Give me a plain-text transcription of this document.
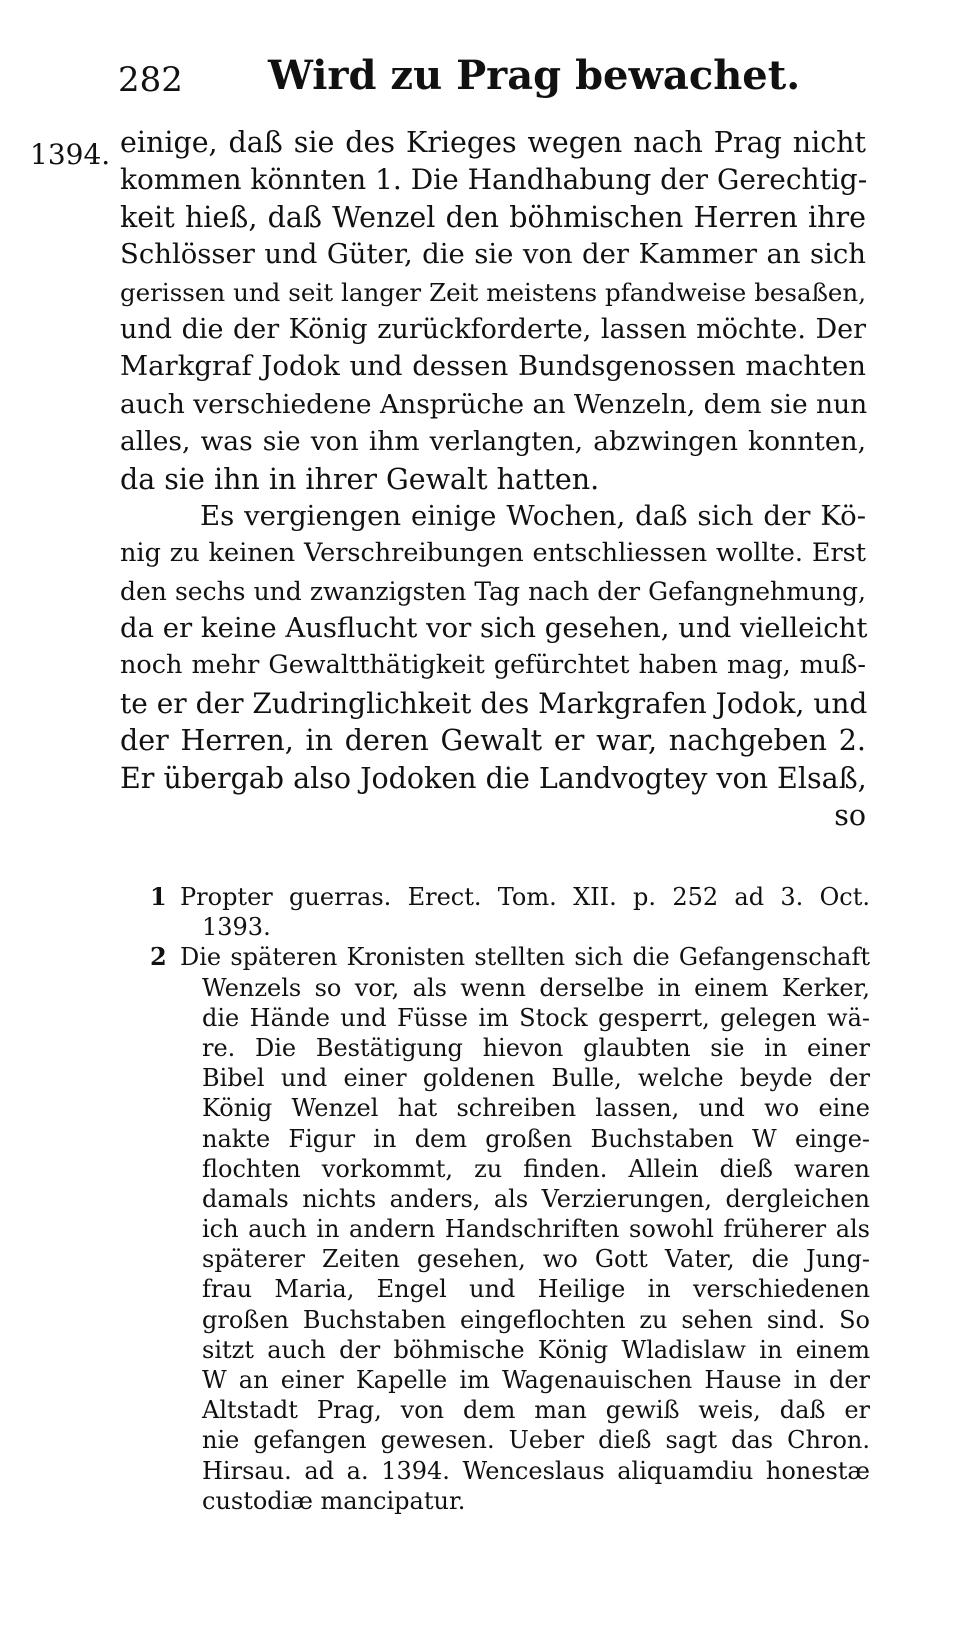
282 Wird zu Prag bewachet.
1394. einige, daß sie des Krieges wegen nach Prag nicht
kommen könnten 1. Die Handhabung der Gerechtig-
keit hieß, daß Wenzel den böhmischen Herren ihre
Schlösser und Güter, die sie von der Kammer an sich
gerissen und seit langer Zeit meistens pfandweise besaßen,
und die der König zurückforderte, lassen möchte. Der
Markgraf Jodok und dessen Bundsgenossen machten
auch verschiedene Ansprüche an Wenzeln, dem sie nun
alles, was sie von ihm verlangten, abzwingen konnten,
da sie ihn in ihrer Gewalt hatten.
Es vergiengen einige Wochen, daß sich der Kö-
nig zu keinen Verschreibungen entschliessen wollte. Erst
den sechs und zwanzigsten Tag nach der Gefangnehmung,
da er keine Ausflucht vor sich gesehen, und vielleicht
noch mehr Gewaltthätigkeit gefürchtet haben mag, muß-
te er der Zudringlichkeit des Markgrafen Jodok, und
der Herren, in deren Gewalt er war, nachgeben 2.
Er übergab also Jodoken die Landvogtey von Elsaß,
so
1 Propter guerras. Erect. Tom. XII. p. 252 ad 3. Oct.
1393.
2 Die späteren Kronisten stellten sich die Gefangenschaft
Wenzels so vor, als wenn derselbe in einem Kerker,
die Hände und Füsse im Stock gesperrt, gelegen wä-
re. Die Bestätigung hievon glaubten sie in einer
Bibel und einer goldenen Bulle, welche beyde der
König Wenzel hat schreiben lassen, und wo eine
nakte Figur in dem großen Buchstaben W einge-
flochten vorkommt, zu finden. Allein dieß waren
damals nichts anders, als Verzierungen, dergleichen
ich auch in andern Handschriften sowohl früherer als
späterer Zeiten gesehen, wo Gott Vater, die Jung-
frau Maria, Engel und Heilige in verschiedenen
großen Buchstaben eingeflochten zu sehen sind. So
sitzt auch der böhmische König Wladislaw in einem
W an einer Kapelle im Wagenauischen Hause in der
Altstadt Prag, von dem man gewiß weis, daß er
nie gefangen gewesen. Ueber dieß sagt das Chron.
Hirsau. ad a. 1394. Wenceslaus aliquamdiu honestæ
custodiæ mancipatur.
